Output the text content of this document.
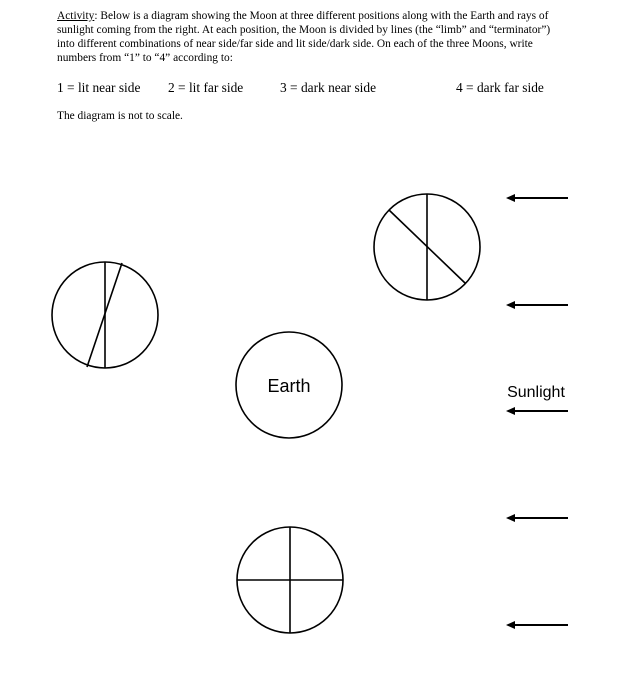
Activity: Below is a diagram showing the Moon at three different positions along with the Earth and rays of sunlight coming from the right. At each position, the Moon is divided by lines (the “limb” and “terminator”) into different combinations of near side/far side and lit side/dark side. On each of the three Moons, write numbers from “1” to “4” according to:
1 = lit near side 2 = lit far side	3 = dark near side	4 = dark far side
The diagram is not to scale.
Earth	Sunlight
